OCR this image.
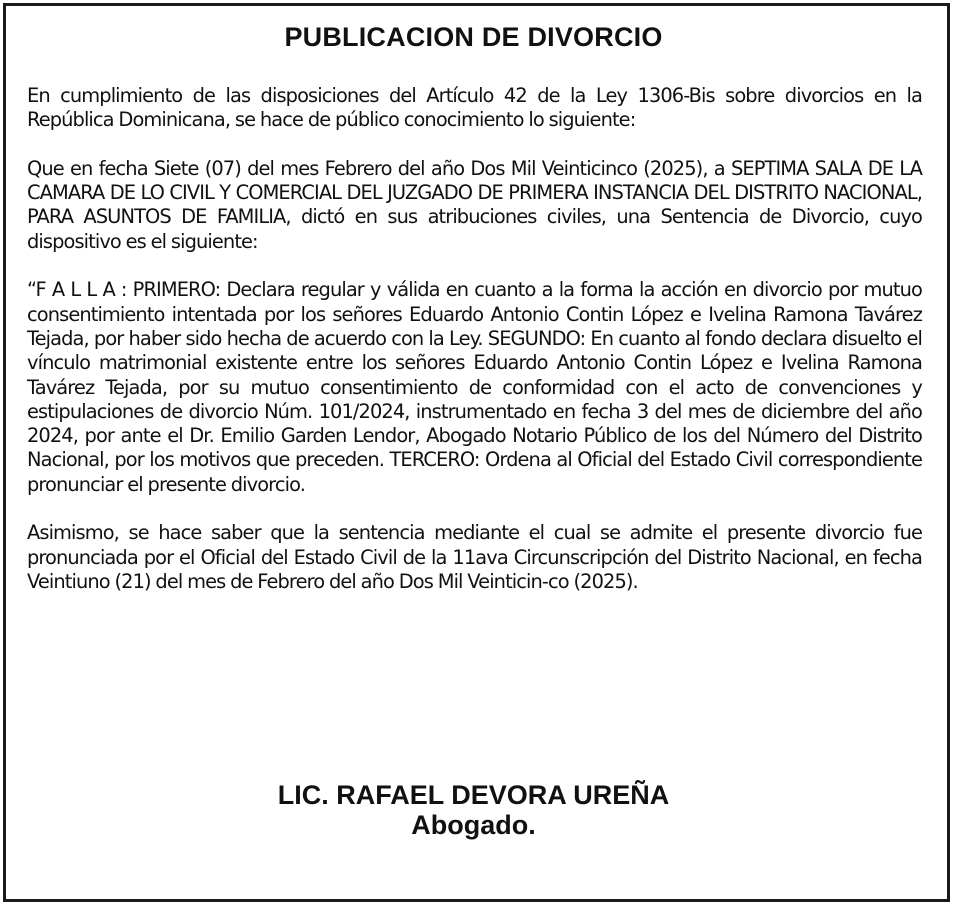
PUBLICACION DE DIVORCIO

En cumplimiento de las disposiciones del Artículo 42 de la Ley 1306-Bis sobre divorcios en la República Dominicana, se hace de público conocimiento lo siguiente:

Que en fecha Siete (07) del mes Febrero del año Dos Mil Veinticinco (2025), a SEPTIMA SALA DE LA CAMARA DE LO CIVIL Y COMERCIAL DEL JUZGADO DE PRIMERA INSTANCIA DEL DISTRITO NACIONAL, PARA ASUNTOS DE FAMILIA, dictó en sus atribuciones civiles, una Sentencia de Divorcio, cuyo dispositivo es el siguiente:

“F A L L A : PRIMERO: Declara regular y válida en cuanto a la forma la acción en divorcio por mutuo consentimiento intentada por los señores Eduardo Antonio Contin López e Ivelina Ramona Tavárez Tejada, por haber sido hecha de acuerdo con la Ley. SEGUNDO: En cuanto al fondo declara disuelto el vínculo matrimonial existente entre los señores Eduardo Antonio Contin López e Ivelina Ramona Tavárez Tejada, por su mutuo consentimiento de conformidad con el acto de convenciones y estipulaciones de divorcio Núm. 101/2024, instrumentado en fecha 3 del mes de diciembre del año 2024, por ante el Dr. Emilio Garden Lendor, Abogado Notario Público de los del Número del Distrito Nacional, por los motivos que preceden. TERCERO: Ordena al Oficial del Estado Civil correspondiente pronunciar el presente divorcio.

Asimismo, se hace saber que la sentencia mediante el cual se admite el presente divorcio fue pronunciada por el Oficial del Estado Civil de la 11ava Circunscripción del Distrito Nacional, en fecha Veintiuno (21) del mes de Febrero del año Dos Mil Veinticin-co (2025).

LIC. RAFAEL DEVORA UREÑA
Abogado.
